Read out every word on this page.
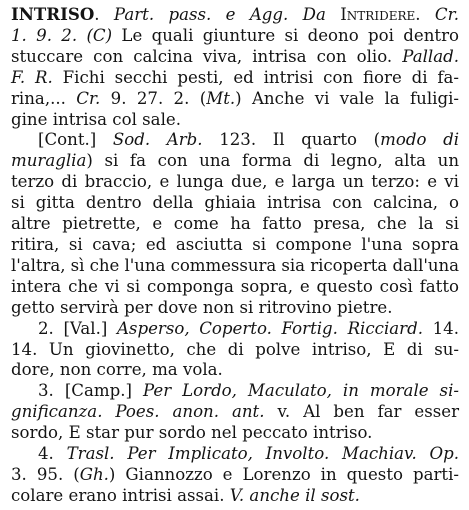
INTRISO. Part. pass. e Agg. Da Intridere. Cr.
1. 9. 2. (C) Le quali giunture si deono poi dentro
stuccare con calcina viva, intrisa con olio. Pallad.
F. R. Fichi secchi pesti, ed intrisi con fiore di fa-
rina,... Cr. 9. 27. 2. (Mt.) Anche vi vale la fuligi-
gine intrisa col sale.
[Cont.] Sod. Arb. 123. Il quarto (modo di
muraglia) si fa con una forma di legno, alta un
terzo di braccio, e lunga due, e larga un terzo: e vi
si gitta dentro della ghiaia intrisa con calcina, o
altre pietrette, e come ha fatto presa, che la si
ritira, si cava; ed asciutta si compone l'una sopra
l'altra, sì che l'una commessura sia ricoperta dall'una
intera che vi si componga sopra, e questo così fatto
getto servirà per dove non si ritrovino pietre.
2. [Val.] Asperso, Coperto. Fortig. Ricciard. 14.
14. Un giovinetto, che di polve intriso, E di su-
dore, non corre, ma vola.
3. [Camp.] Per Lordo, Maculato, in morale si-
gnificanza. Poes. anon. ant. v. Al ben far esser
sordo, E star pur sordo nel peccato intriso.
4. Trasl. Per Implicato, Involto. Machiav. Op.
3. 95. (Gh.) Giannozzo e Lorenzo in questo parti-
colare erano intrisi assai. V. anche il sost.
